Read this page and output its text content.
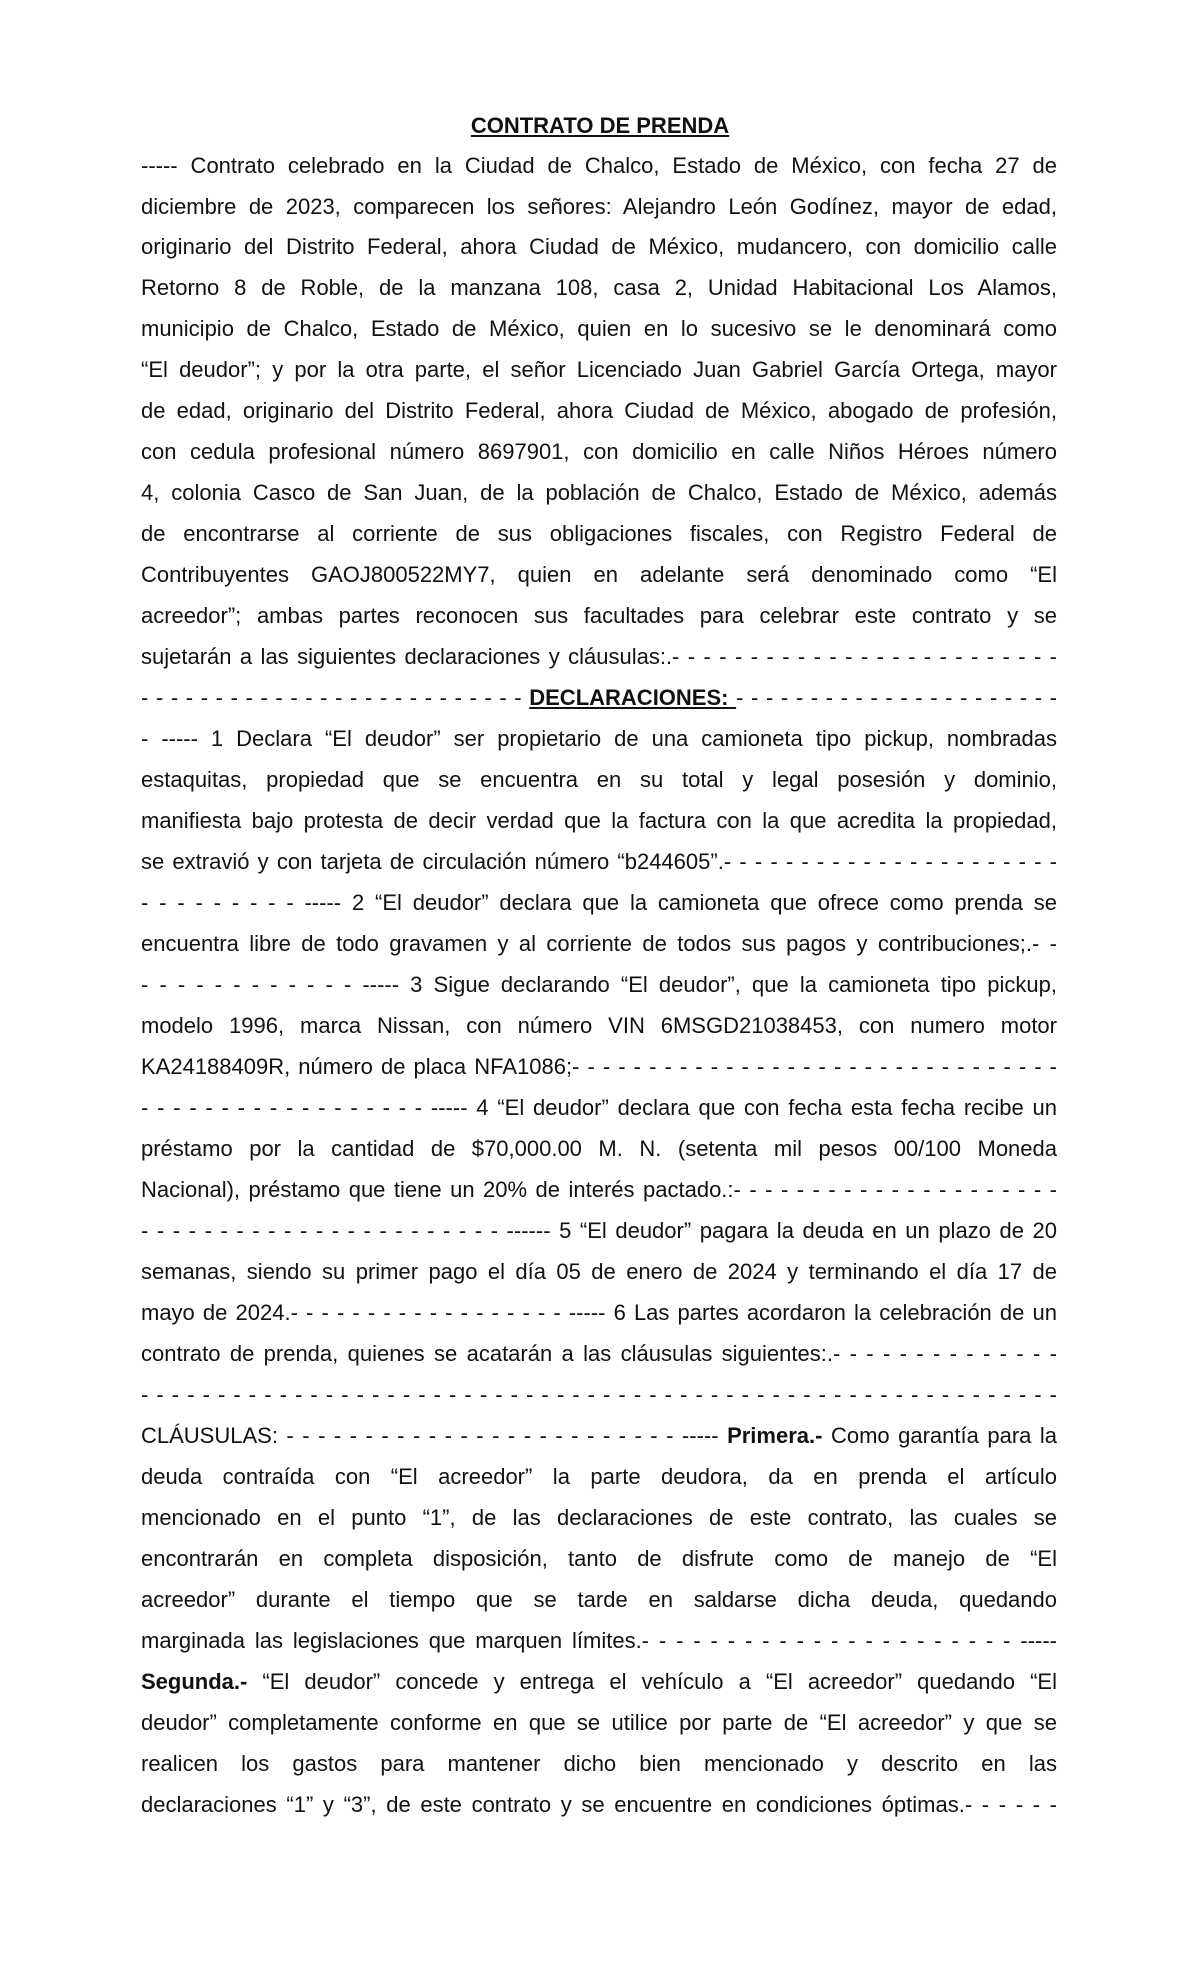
CONTRATO DE PRENDA
----- Contrato celebrado en la Ciudad de Chalco, Estado de México, con fecha 27 de
diciembre de 2023, comparecen los señores: Alejandro León Godínez, mayor de edad,
originario del Distrito Federal, ahora Ciudad de México, mudancero, con domicilio calle
Retorno 8 de Roble, de la manzana 108, casa 2, Unidad Habitacional Los Alamos,
municipio de Chalco, Estado de México, quien en lo sucesivo se le denominará como
“El deudor”; y por la otra parte, el señor Licenciado Juan Gabriel García Ortega, mayor
de edad, originario del Distrito Federal, ahora Ciudad de México, abogado de profesión,
con cedula profesional número 8697901, con domicilio en calle Niños Héroes número
4, colonia Casco de San Juan, de la población de Chalco, Estado de México, además
de encontrarse al corriente de sus obligaciones fiscales, con Registro Federal de
Contribuyentes GAOJ800522MY7, quien en adelante será denominado como “El
acreedor”; ambas partes reconocen sus facultades para celebrar este contrato y se
sujetarán a las siguientes declaraciones y cláusulas:.- - - - - - - - - - - - - - - - - - - - - - - - -
- - - - - - - - - - - - - - - - - - - - - - - - - - DECLARACIONES: - - - - - - - - - - - - - - - - - - - - - -
- ----- 1 Declara “El deudor” ser propietario de una camioneta tipo pickup, nombradas
estaquitas, propiedad que se encuentra en su total y legal posesión y dominio,
manifiesta bajo protesta de decir verdad que la factura con la que acredita la propiedad,
se extravió y con tarjeta de circulación número “b244605”.- - - - - - - - - - - - - - - - - - - - - -
- - - - - - - - - ----- 2 “El deudor” declara que la camioneta que ofrece como prenda se
encuentra libre de todo gravamen y al corriente de todos sus pagos y contribuciones;.- -
- - - - - - - - - - - - ----- 3 Sigue declarando “El deudor”, que la camioneta tipo pickup,
modelo 1996, marca Nissan, con número VIN 6MSGD21038453, con numero motor
KA24188409R, número de placa NFA1086;- - - - - - - - - - - - - - - - - - - - - - - - - - - - - - - -
- - - - - - - - - - - - - - - - - - ----- 4 “El deudor” declara que con fecha esta fecha recibe un
préstamo por la cantidad de $70,000.00 M. N. (setenta mil pesos 00/100 Moneda
Nacional), préstamo que tiene un 20% de interés pactado.:- - - - - - - - - - - - - - - - - - - - -
- - - - - - - - - - - - - - - - - - - - - - - ------ 5 “El deudor” pagara la deuda en un plazo de 20
semanas, siendo su primer pago el día 05 de enero de 2024 y terminando el día 17 de
mayo de 2024.- - - - - - - - - - - - - - - - - - ----- 6 Las partes acordaron la celebración de un
contrato de prenda, quienes se acatarán a las cláusulas siguientes:.- - - - - - - - - - - - - -
- - - - - - - - - - - - - - - - - - - - - - - - - - - - - - - - - - - - - - - - - - - - - - - - - - - - - - - - - - - -
CLÁUSULAS: - - - - - - - - - - - - - - - - - - - - - - - - - ----- Primera.- Como garantía para la
deuda contraída con “El acreedor” la parte deudora, da en prenda el artículo
mencionado en el punto “1”, de las declaraciones de este contrato, las cuales se
encontrarán en completa disposición, tanto de disfrute como de manejo de “El
acreedor” durante el tiempo que se tarde en saldarse dicha deuda, quedando
marginada las legislaciones que marquen límites.- - - - - - - - - - - - - - - - - - - - - - -----
Segunda.- “El deudor” concede y entrega el vehículo a “El acreedor” quedando “El
deudor” completamente conforme en que se utilice por parte de “El acreedor” y que se
realicen los gastos para mantener dicho bien mencionado y descrito en las
declaraciones “1” y “3”, de este contrato y se encuentre en condiciones óptimas.- - - - - -
